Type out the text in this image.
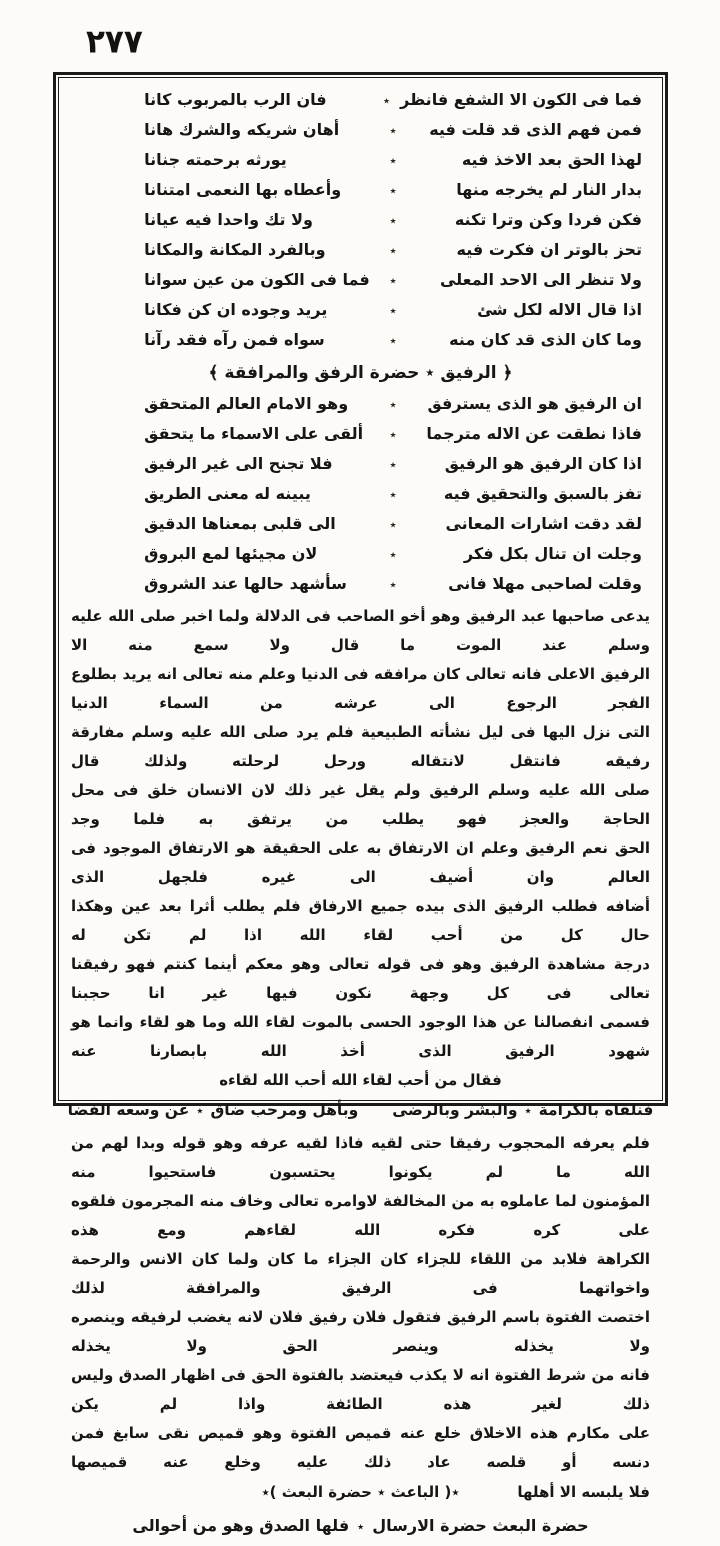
٢٧٧
فما فى الكون الا الشفع فانظر
٭
فان الرب بالمربوب كانا
فمن فهم الذى قد قلت فيه
٭
أهان شريكه والشرك هانا
لهذا الحق بعد الاخذ فيه
٭
يورثه برحمته جنانا
بدار النار لم يخرجه منها
٭
وأعطاه بها النعمى امتنانا
فكن فردا وكن وترا تكنه
٭
ولا تك واحدا فيه عيانا
تحز بالوتر ان فكرت فيه
٭
وبالفرد المكانة والمكانا
ولا تنظر الى الاحد المعلى
٭
فما فى الكون من عين سوانا
اذا قال الاله لكل شئ
٭
يريد وجوده ان كن فكانا
وما كان الذى قد كان منه
٭
سواه فمن رآه فقد رآنا
﴿ الرفيق ٭ حضرة الرفق والمرافقة ﴾
ان الرفيق هو الذى يسترفق
٭
وهو الامام العالم المتحقق
فاذا نطقت عن الاله مترجما
٭
ألقى على الاسماء ما يتحقق
اذا كان الرفيق هو الرفيق
٭
فلا تجنح الى غير الرفيق
تفز بالسبق والتحقيق فيه
٭
يبينه له معنى الطريق
لقد دقت اشارات المعانى
٭
الى قلبى بمعناها الدقيق
وجلت ان تنال بكل فكر
٭
لان مجيئها لمع البروق
وقلت لصاحبى مهلا فانى
٭
سأشهد حالها عند الشروق
يدعى صاحبها عبد الرفيق وهو أخو الصاحب فى الدلالة ولما اخبر صلى الله عليه وسلم عند الموت ما قال ولا سمع منه الا
الرفيق الاعلى فانه تعالى كان مرافقه فى الدنيا وعلم منه تعالى انه يريد بطلوع الفجر الرجوع الى عرشه من السماء الدنيا
التى نزل اليها فى ليل نشأته الطبيعية فلم يرد صلى الله عليه وسلم مفارقة رفيقه فانتقل لانتقاله ورحل لرحلته ولذلك قال
صلى الله عليه وسلم الرفيق ولم يقل غير ذلك لان الانسان خلق فى محل الحاجة والعجز فهو يطلب من يرتفق به فلما وجد
الحق نعم الرفيق وعلم ان الارتفاق به على الحقيقة هو الارتفاق الموجود فى العالم وان أضيف الى غيره فلجهل الذى
أضافه فطلب الرفيق الذى بيده جميع الارفاق فلم يطلب أثرا بعد عين وهكذا حال كل من أحب لقاء الله اذا لم تكن له
درجة مشاهدة الرفيق وهو فى قوله تعالى وهو معكم أينما كنتم فهو رفيقنا تعالى فى كل وجهة نكون فيها غير انا حجبنا
فسمى انفصالنا عن هذا الوجود الحسى بالموت لقاء الله وما هو لقاء وانما هو شهود الرفيق الذى أخذ الله بابصارنا عنه
فقال من أحب لقاء الله أحب الله لقاءه
فنلقاه بالكرامة٭والبشر وبالرضى
وبأهل ومرحب ضاق٭عن وسعه الفضا
فلم يعرفه المحجوب رفيقا حتى لقيه فاذا لقيه عرفه وهو قوله وبدا لهم من الله ما لم يكونوا يحتسبون فاستحيوا منه
المؤمنون لما عاملوه به من المخالفة لاوامره تعالى وخاف منه المجرمون فلقوه على كره فكره الله لقاءهم ومع هذه
الكراهة فلابد من اللقاء للجزاء كان الجزاء ما كان ولما كان الانس والرحمة واخواتهما فى الرفيق والمرافقة لذلك
اختصت الفتوة باسم الرفيق فتقول فلان رفيق فلان لانه يغضب لرفيقه وينصره ولا يخذله وينصر الحق ولا يخذله
فانه من شرط الفتوة انه لا يكذب فيعتضد بالفتوة الحق فى اظهار الصدق وليس ذلك لغير هذه الطائفة واذا لم يكن
على مكارم هذه الاخلاق خلع عنه قميص الفتوة وهو قميص نقى سابغ فمن دنسه أو قلصه عاد ذلك عليه وخلع عنه قميصها
فلا يلبسه الا أهلها
٭( الباعث ٭ حضرة البعث )٭
حضرة البعث حضرة الارسال٭فلها الصدق وهو من أحوالى
